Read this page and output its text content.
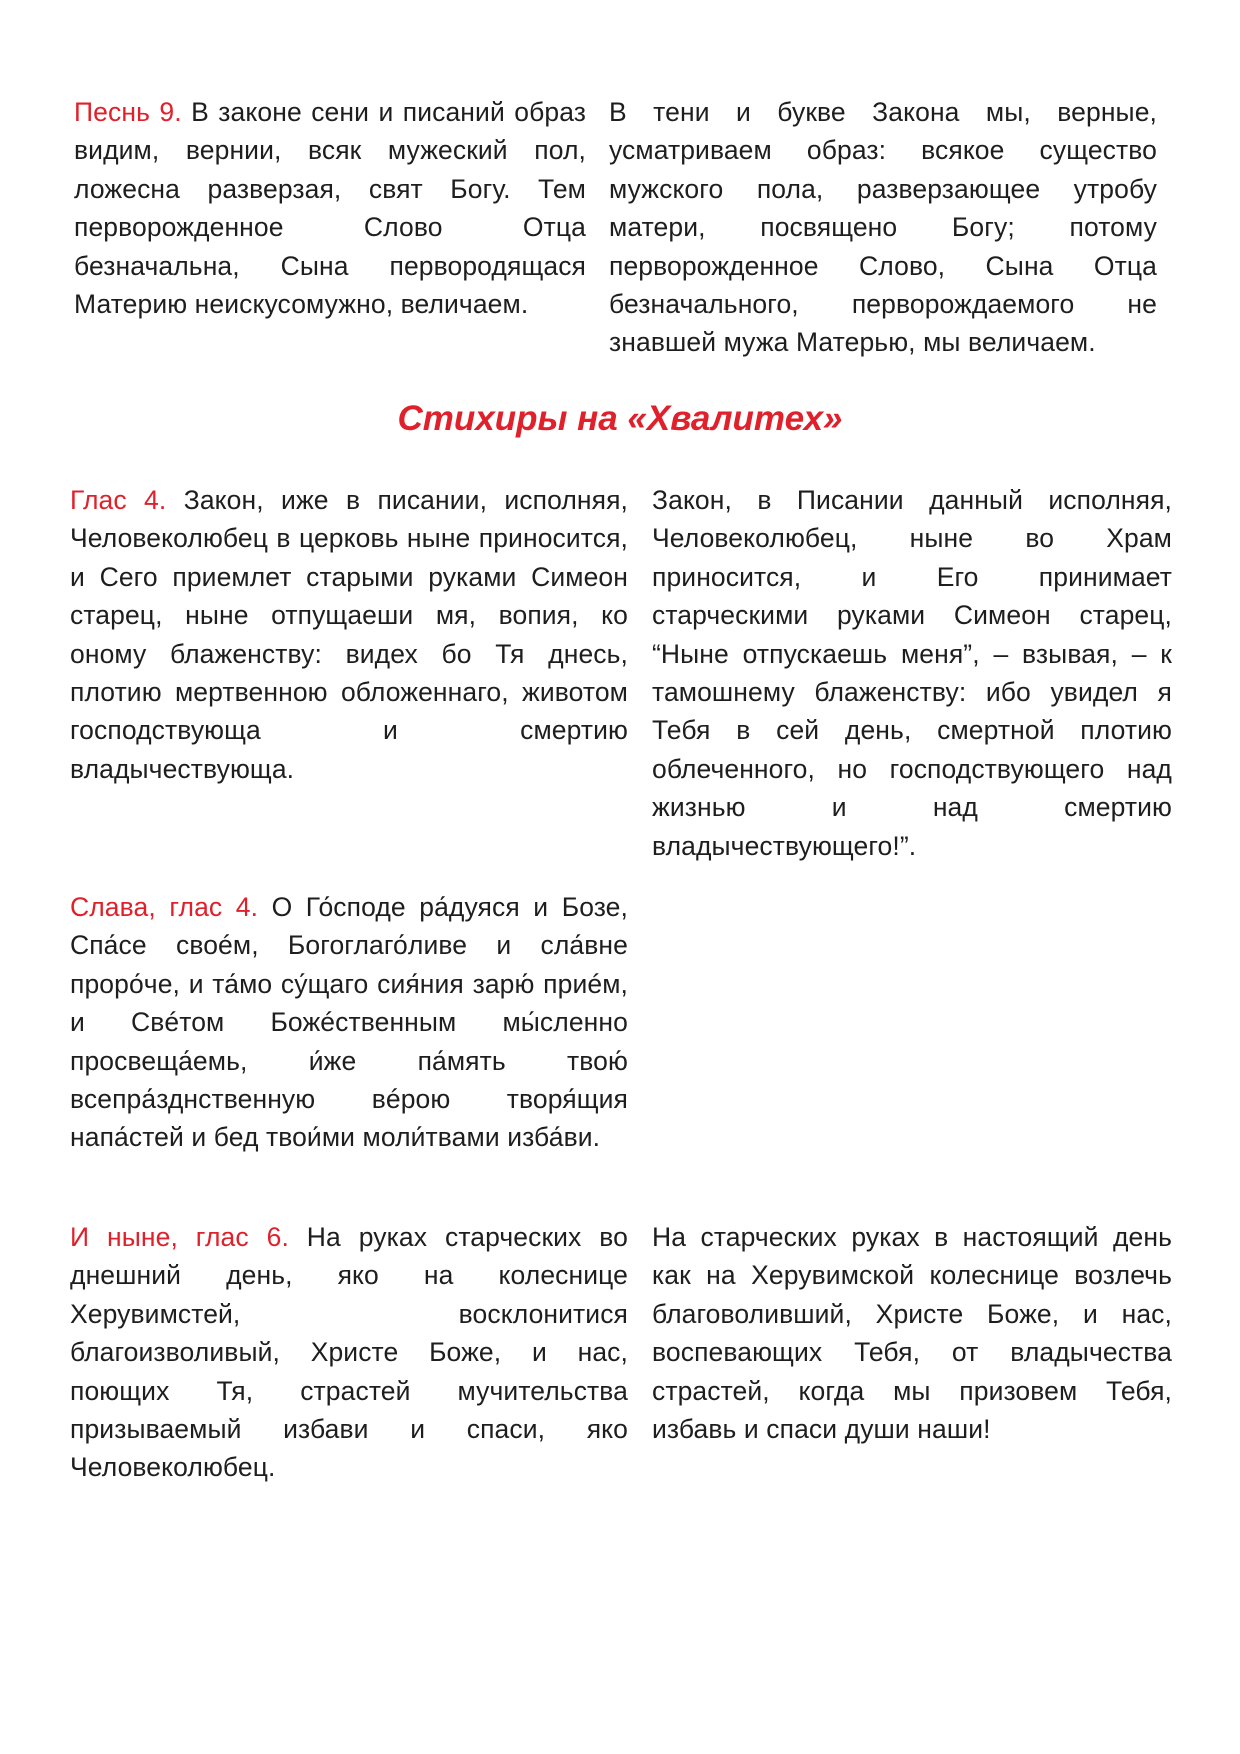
Песнь 9. В законе сени и писаний образ видим, вернии, всяк мужеский пол, ложесна разверзая, свят Богу. Тем перворожденное Слово Отца безначальна, Сына первородящася Материю неискусомужно, величаем.
В тени и букве Закона мы, верные, усматриваем образ: всякое существо мужского пола, разверзающее утробу матери, посвящено Богу; потому перворожденное Слово, Сына Отца безначального, перворождаемого не знавшей мужа Матерью, мы величаем.
Стихиры на «Хвалитех»
Глас 4. Закон, иже в писании, исполняя, Человеколюбец в церковь ныне приносится, и Сего приемлет старыми руками Симеон старец, ныне отпущаеши мя, вопия, ко оному блаженству: видех бо Тя днесь, плотию мертвенною обложеннаго, животом господствующа и смертию владычествующа.
Закон, в Писании данный исполняя, Человеколюбец, ныне во Храм приносится, и Его принимает старческими руками Симеон старец, “Ныне отпускаешь меня”, – взывая, – к тамошнему блаженству: ибо увидел я Тебя в сей день, смертной плотию облеченного, но господствующего над жизнью и над смертию владычествующего!”.
Слава, глас 4. О Го́споде ра́дуяся и Бозе, Спа́се своéм, Богоглаго́ливе и сла́вне проро́че, и та́мо су́щаго сия́ния зарю́ приéм, и Свéтом Божéственным мы́сленно просвеща́емь, и́же па́мять твою́ всепра́зднственную вéрою творя́щия напа́стей и бед твои́ми моли́твами изба́ви.
И ныне, глас 6. На руках старческих во днешний день, яко на колеснице Херувимстей, восклонитися благоизволивый, Христе Боже, и нас, поющих Тя, страстей мучительства призываемый избави и спаси, яко Человеколюбец.
На старческих руках в настоящий день как на Херувимской колеснице возлечь благоволивший, Христе Боже, и нас, воспевающих Тебя, от владычества страстей, когда мы призовем Тебя, избавь и спаси души наши!
